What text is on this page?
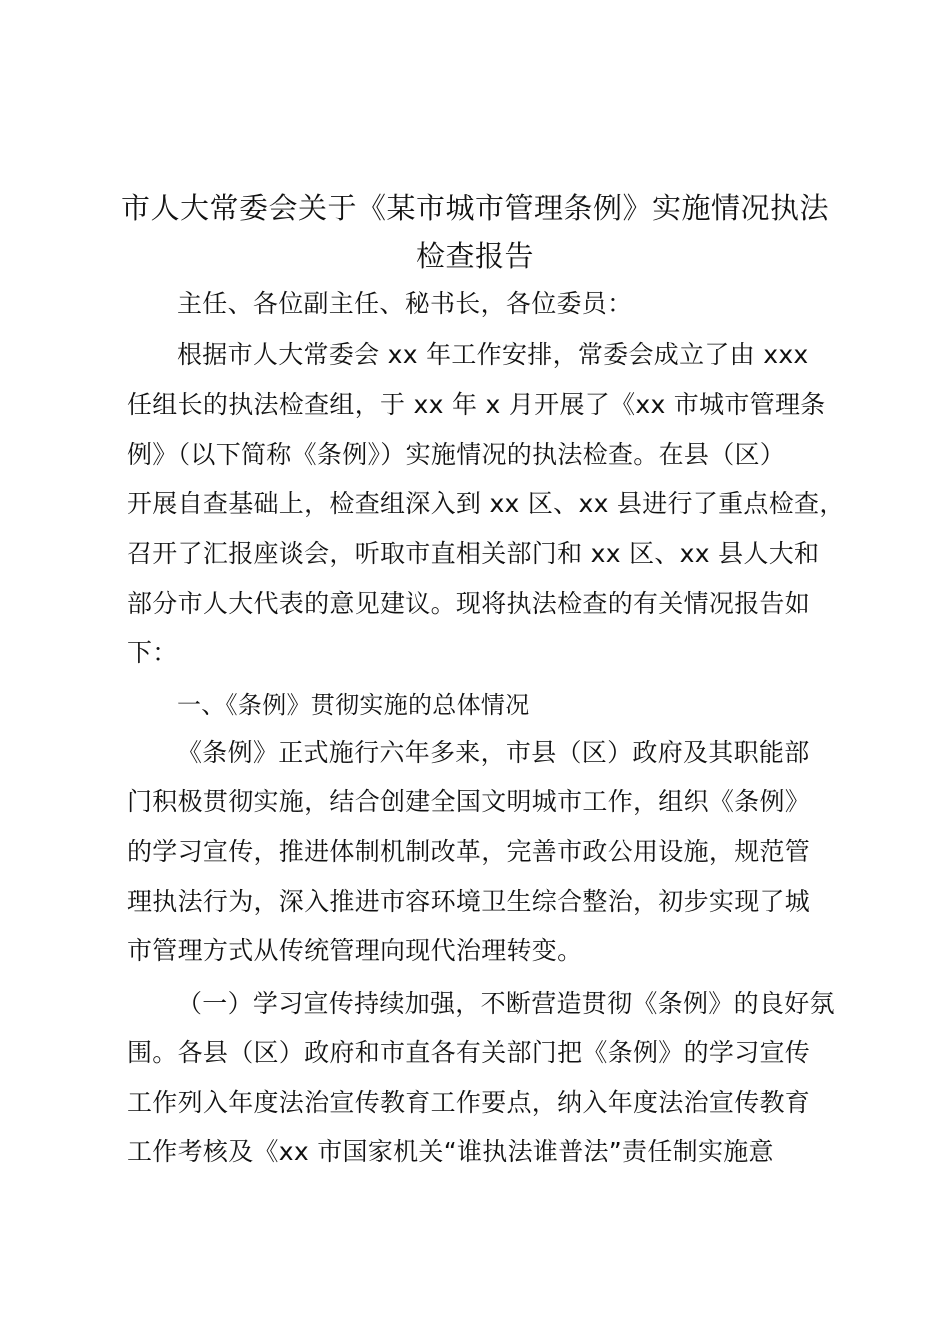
市人大常委会关于《某市城市管理条例》实施情况执法
检查报告
主任、各位副主任、秘书长，各位委员：
根据市人大常委会 xx 年工作安排，常委会成立了由 xxx
任组长的执法检查组，于 xx 年 x 月开展了《xx 市城市管理条
例》（以下简称《条例》）实施情况的执法检查。在县（区）
开展自查基础上，检查组深入到 xx 区、xx 县进行了重点检查，
召开了汇报座谈会，听取市直相关部门和 xx 区、xx 县人大和
部分市人大代表的意见建议。现将执法检查的有关情况报告如
下：
一、《条例》贯彻实施的总体情况
《条例》正式施行六年多来，市县（区）政府及其职能部
门积极贯彻实施，结合创建全国文明城市工作，组织《条例》
的学习宣传，推进体制机制改革，完善市政公用设施，规范管
理执法行为，深入推进市容环境卫生综合整治，初步实现了城
市管理方式从传统管理向现代治理转变。
（一）学习宣传持续加强，不断营造贯彻《条例》的良好氛
围。各县（区）政府和市直各有关部门把《条例》的学习宣传
工作列入年度法治宣传教育工作要点，纳入年度法治宣传教育
工作考核及《xx 市国家机关“谁执法谁普法”责任制实施意
